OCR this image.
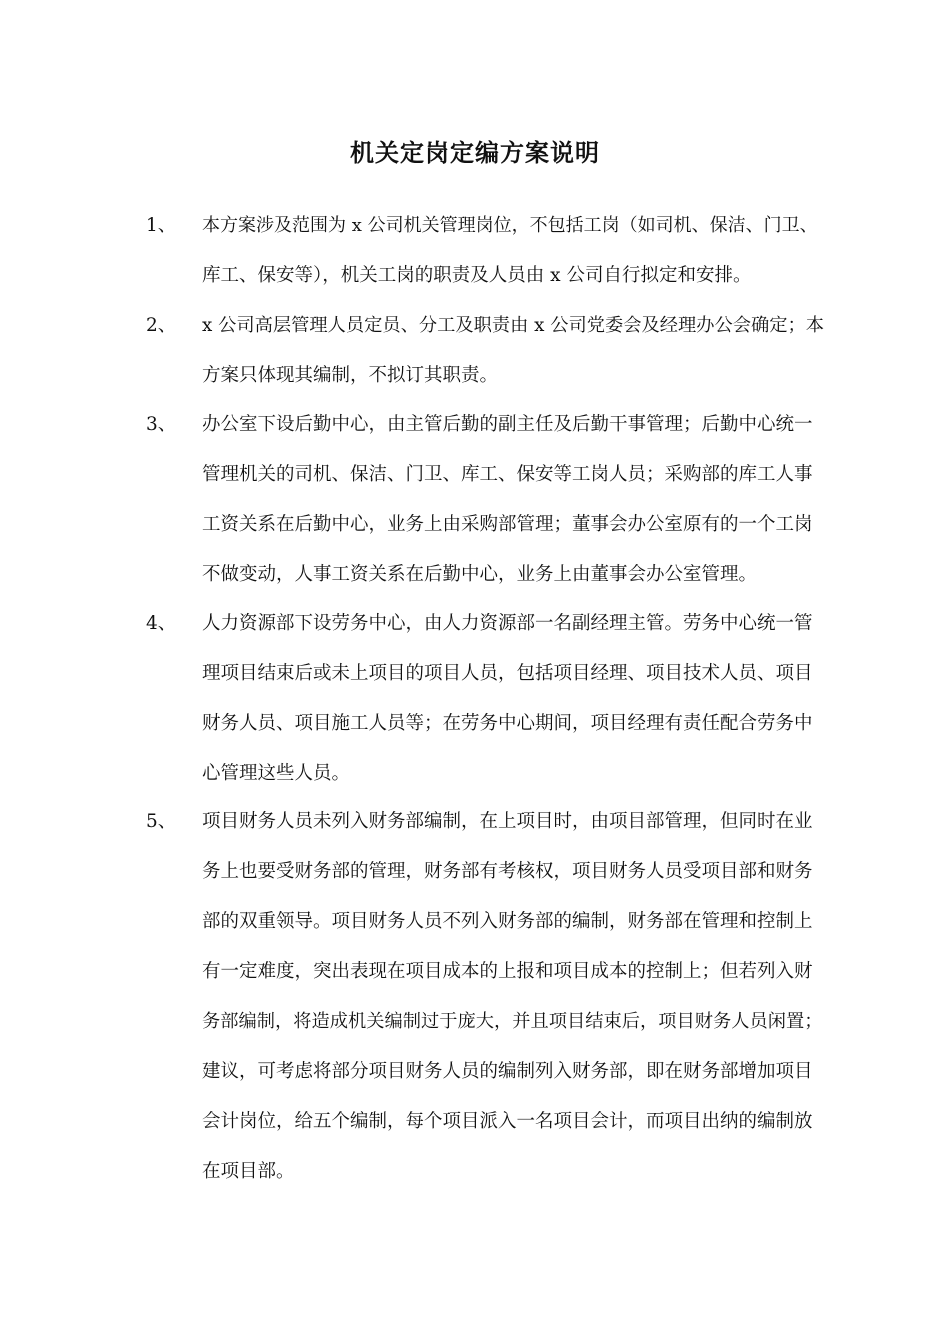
机关定岗定编方案说明
1、	本方案涉及范围为 x 公司机关管理岗位，不包括工岗（如司机、保洁、门卫、
库工、保安等），机关工岗的职责及人员由 x 公司自行拟定和安排。
2、	x 公司高层管理人员定员、分工及职责由 x 公司党委会及经理办公会确定；本
方案只体现其编制，不拟订其职责。
3、	办公室下设后勤中心，由主管后勤的副主任及后勤干事管理；后勤中心统一
管理机关的司机、保洁、门卫、库工、保安等工岗人员；采购部的库工人事
工资关系在后勤中心，业务上由采购部管理；董事会办公室原有的一个工岗
不做变动，人事工资关系在后勤中心，业务上由董事会办公室管理。
4、	人力资源部下设劳务中心，由人力资源部一名副经理主管。劳务中心统一管
理项目结束后或未上项目的项目人员，包括项目经理、项目技术人员、项目
财务人员、项目施工人员等；在劳务中心期间，项目经理有责任配合劳务中
心管理这些人员。
5、	项目财务人员未列入财务部编制，在上项目时，由项目部管理，但同时在业
务上也要受财务部的管理，财务部有考核权，项目财务人员受项目部和财务
部的双重领导。项目财务人员不列入财务部的编制，财务部在管理和控制上
有一定难度，突出表现在项目成本的上报和项目成本的控制上；但若列入财
务部编制，将造成机关编制过于庞大，并且项目结束后，项目财务人员闲置；
建议，可考虑将部分项目财务人员的编制列入财务部，即在财务部增加项目
会计岗位，给五个编制，每个项目派入一名项目会计，而项目出纳的编制放
在项目部。
